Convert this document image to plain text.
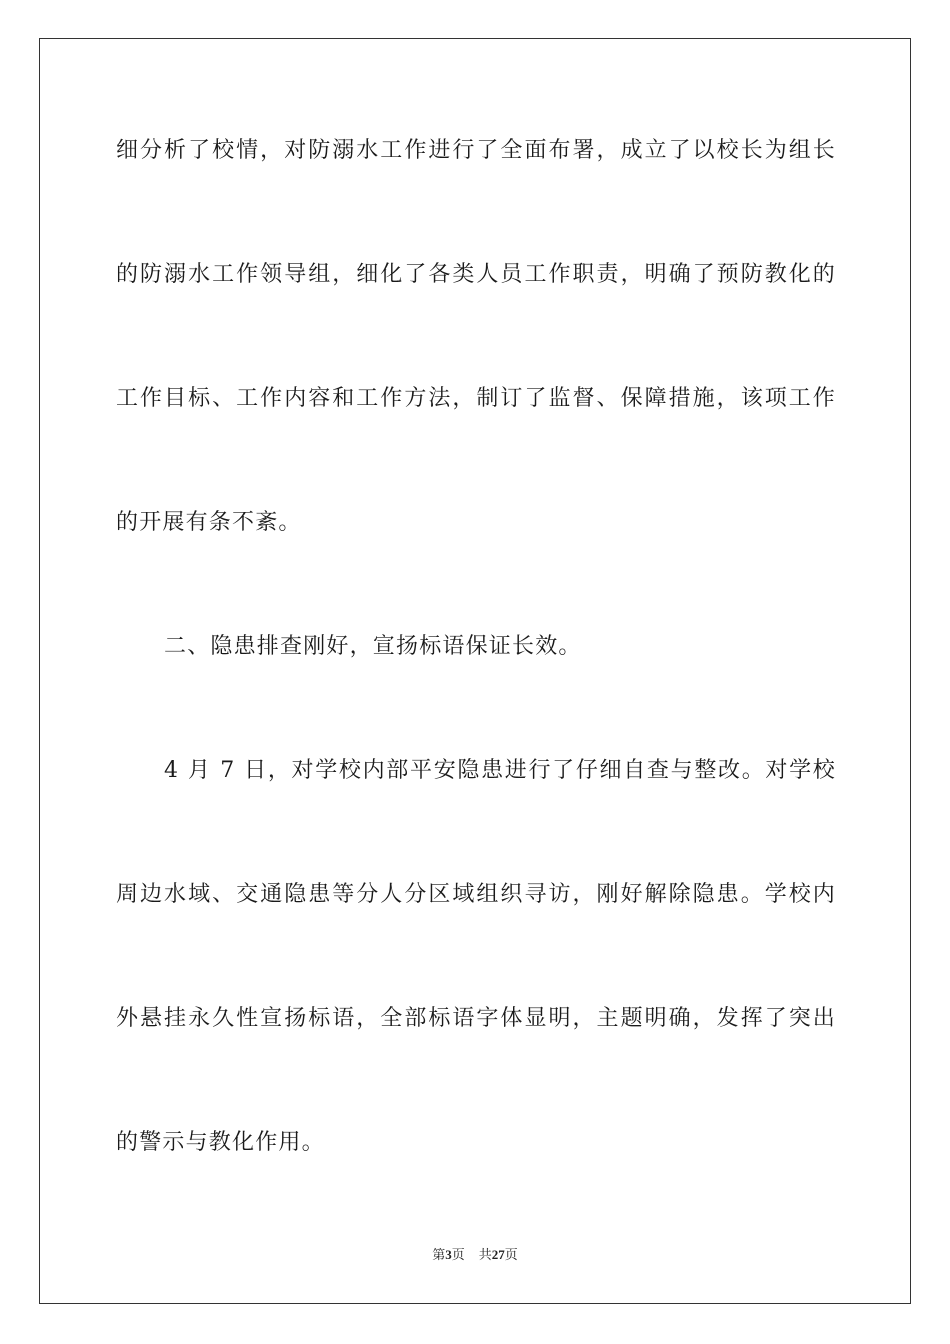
细分析了校情，对防溺水工作进行了全面布署，成立了以校长为组长
的防溺水工作领导组，细化了各类人员工作职责，明确了预防教化的
工作目标、工作内容和工作方法，制订了监督、保障措施，该项工作
的开展有条不紊。
二、隐患排查刚好，宣扬标语保证长效。
4 月 7 日，对学校内部平安隐患进行了仔细自查与整改。对学校
周边水域、交通隐患等分人分区域组织寻访，刚好解除隐患。学校内
外悬挂永久性宣扬标语，全部标语字体显明，主题明确，发挥了突出
的警示与教化作用。
第3页 共27页
